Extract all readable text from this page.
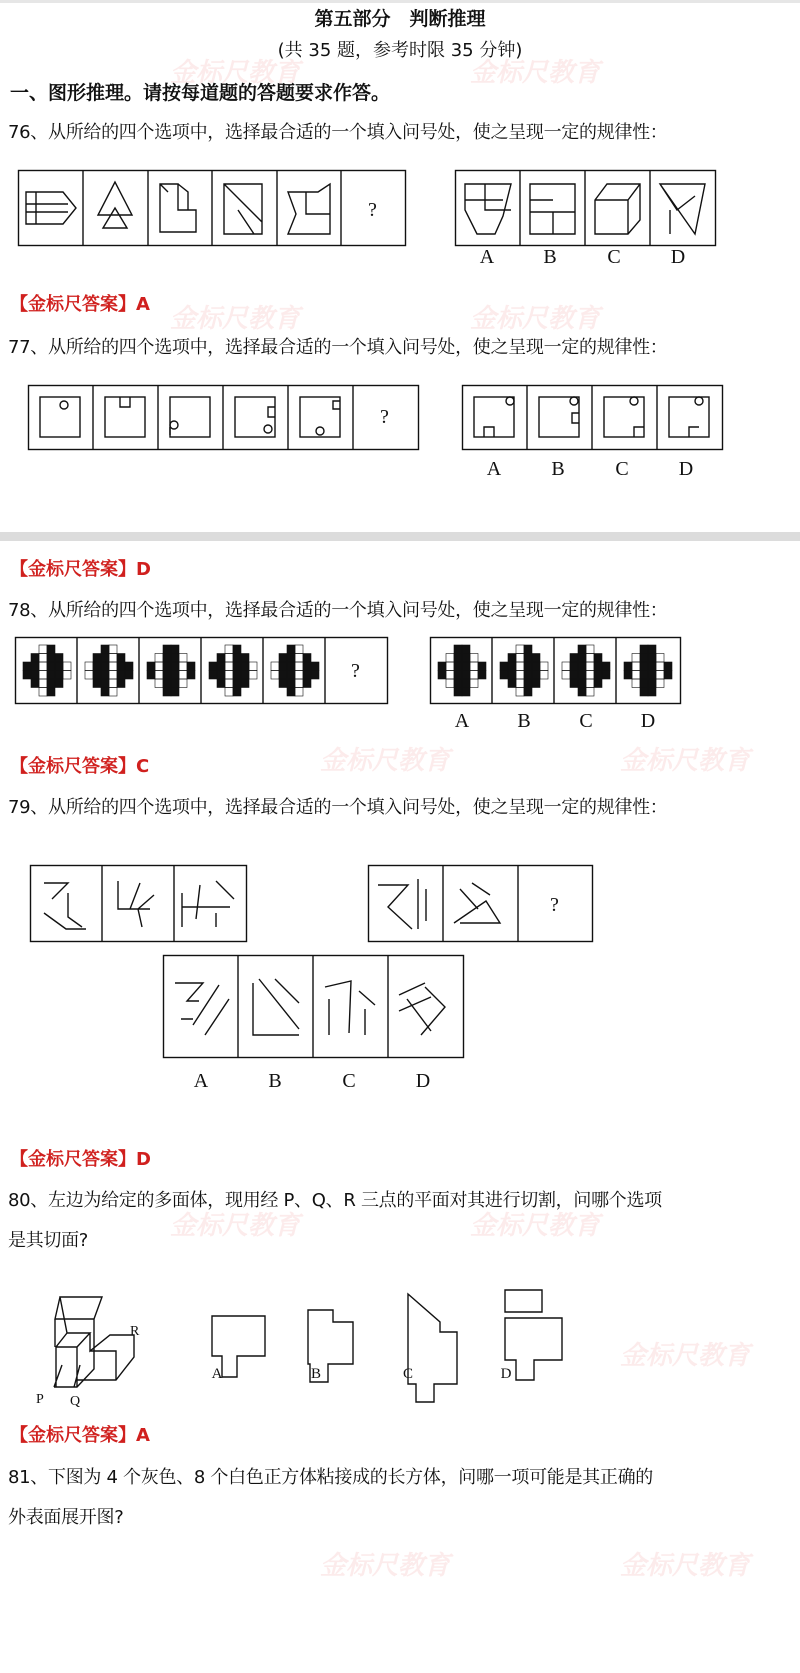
金标尺教育	金标尺教育
金标尺教育	金标尺教育
金标尺教育	金标尺教育
金标尺教育	金标尺教育
金标尺教育
金标尺教育	金标尺教育
第五部分　判断推理
(共 35 题，参考时限 35 分钟)
一、图形推理。请按每道题的答题要求作答。
76、从所给的四个选项中，选择最合适的一个填入问号处，使之呈现一定的规律性：
?
A B	C	D
【金标尺答案】A
77、从所给的四个选项中，选择最合适的一个填入问号处，使之呈现一定的规律性：
?
A	B	C	D
【金标尺答案】D
78、从所给的四个选项中，选择最合适的一个填入问号处，使之呈现一定的规律性：
?
A B C D
【金标尺答案】C
79、从所给的四个选项中，选择最合适的一个填入问号处，使之呈现一定的规律性：
?
A	B	C	D
【金标尺答案】D
80、左边为给定的多面体，现用经 P、Q、R 三点的平面对其进行切割，问哪个选项
是其切面?
R
P Q
A	B	C	D
【金标尺答案】A
81、下图为 4 个灰色、8 个白色正方体粘接成的长方体，问哪一项可能是其正确的
外表面展开图?
